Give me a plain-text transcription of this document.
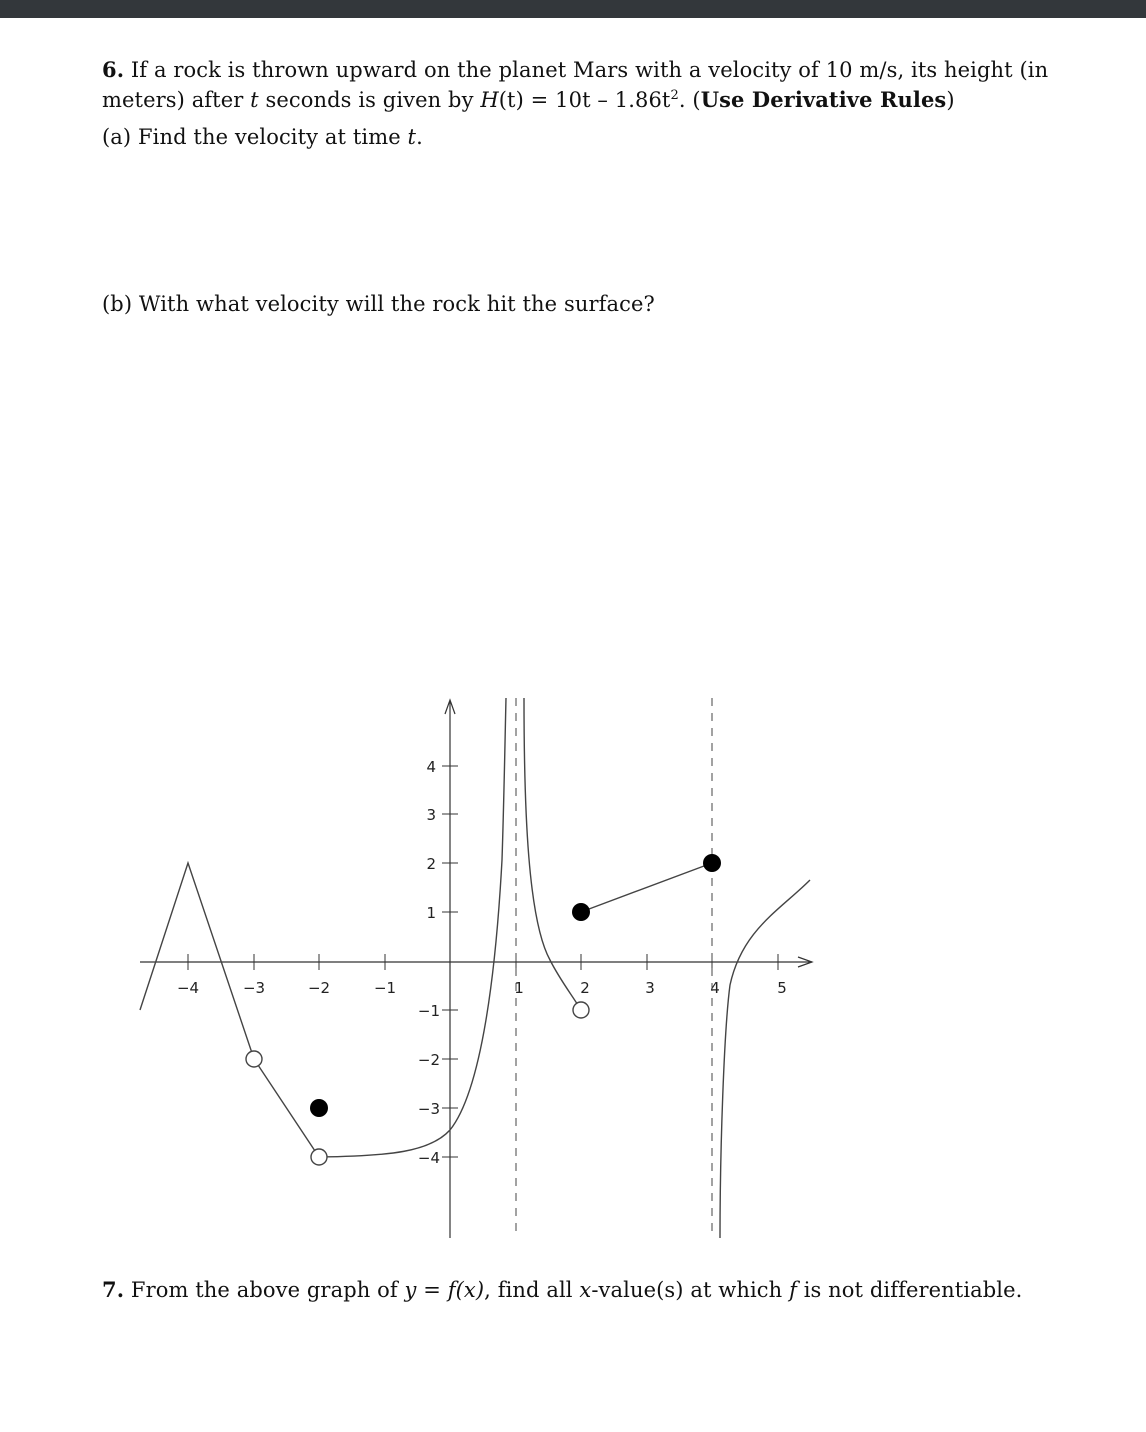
6. If a rock is thrown upward on the planet Mars with a velocity of 10 m/s, its height (in meters) after t seconds is given by $H(t) = 10t - 1.86t^2$. (Use Derivative Rules)

(a) Find the velocity at time t.

(b) With what velocity will the rock hit the surface?

−4	−3	−2	−1	1	2	3	4	5
1
2
3
4
−1
−2
−3
−4

7. From the above graph of y = f(x), find all x-value(s) at which f is not differentiable.
